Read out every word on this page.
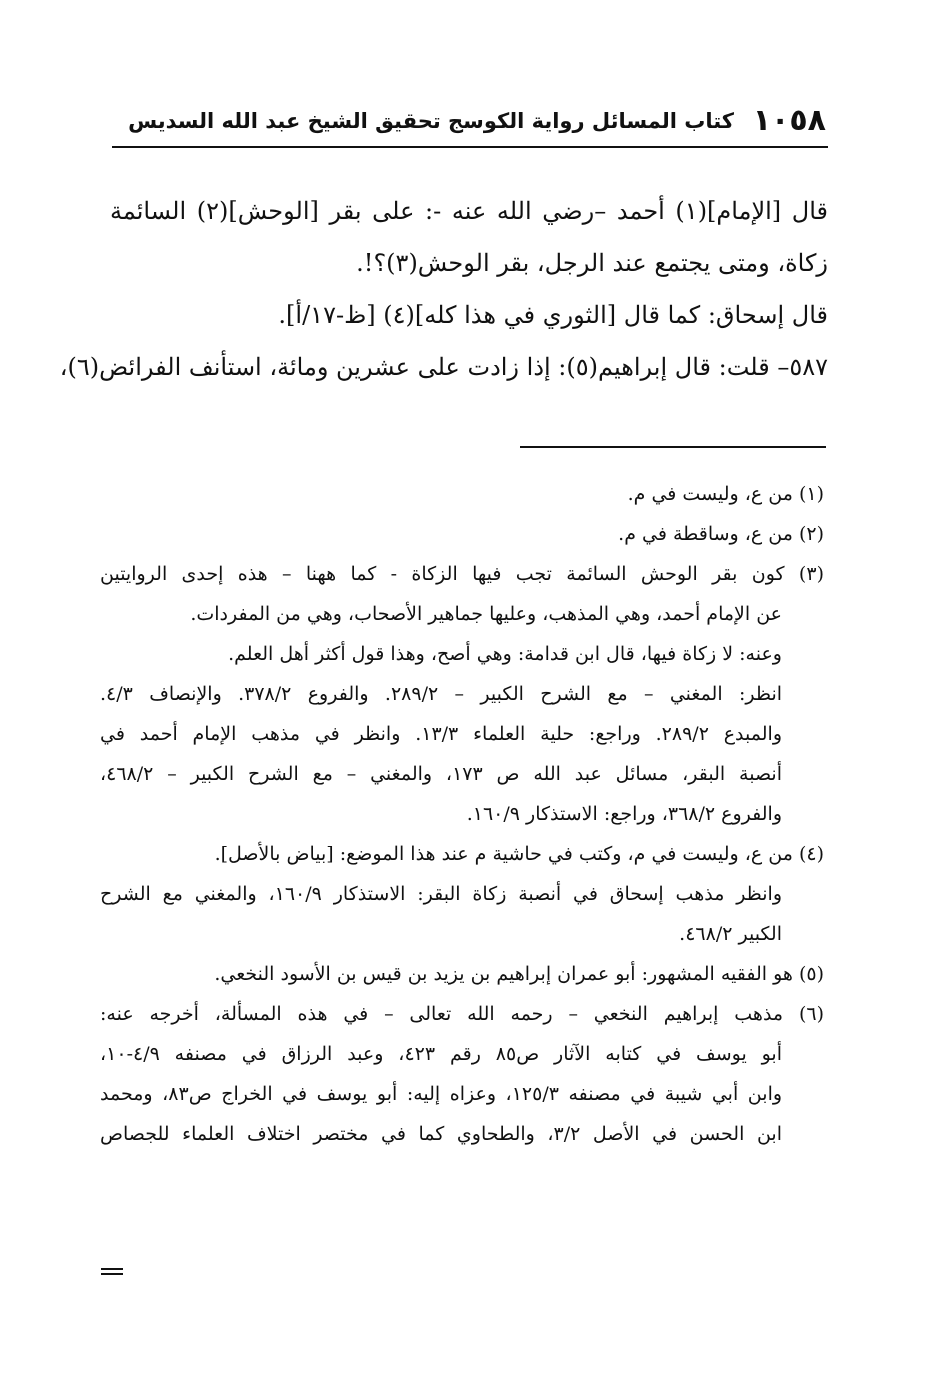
١٠٥٨
كتاب المسائل رواية الكوسج تحقيق الشيخ عبد الله السديس
قال [الإمام](١) أحمد –رضي الله عنه -: على بقر [الوحش](٢) السائمة
زكاة، ومتى يجتمع عند الرجل، بقر الوحش(٣)؟!.
قال إسحاق: كما قال [الثوري في هذا كله](٤) [ظ-١٧/أ].
٥٨٧– قلت: قال إبراهيم(٥): إذا زادت على عشرين ومائة، استأنف الفرائض(٦)،
(١) من ع، وليست في م.
(٢) من ع، وساقطة في م.
(٣) كون بقر الوحش السائمة تجب فيها الزكاة - كما ههنا – هذه إحدى الروايتين
عن الإمام أحمد، وهي المذهب، وعليها جماهير الأصحاب، وهي من المفردات.
وعنه: لا زكاة فيها، قال ابن قدامة: وهي أصح، وهذا قول أكثر أهل العلم.
انظر: المغني – مع الشرح الكبير – ٢٨٩/٢. والفروع ٣٧٨/٢. والإنصاف ٤/٣.
والمبدع ٢٨٩/٢. وراجع: حلية العلماء ١٣/٣. وانظر في مذهب الإمام أحمد في
أنصبة البقر، مسائل عبد الله ص ١٧٣، والمغني – مع الشرح الكبير – ٤٦٨/٢،
والفروع ٣٦٨/٢، وراجع: الاستذكار ١٦٠/٩.
(٤) من ع، وليست في م، وكتب في حاشية م عند هذا الموضع: [بياض بالأصل].
وانظر مذهب إسحاق في أنصبة زكاة البقر: الاستذكار ١٦٠/٩، والمغني مع الشرح
الكبير ٤٦٨/٢.
(٥) هو الفقيه المشهور: أبو عمران إبراهيم بن يزيد بن قيس بن الأسود النخعي.
(٦) مذهب إبراهيم النخعي – رحمه الله تعالى – في هذه المسألة، أخرجه عنه:
أبو يوسف في كتابه الآثار ص٨٥ رقم ٤٢٣، وعبد الرزاق في مصنفه ٤/٩-١٠،
وابن أبي شيبة في مصنفه ١٢٥/٣، وعزاه إليه: أبو يوسف في الخراج ص٨٣، ومحمد
ابن الحسن في الأصل ٣/٢، والطحاوي كما في مختصر اختلاف العلماء للجصاص
